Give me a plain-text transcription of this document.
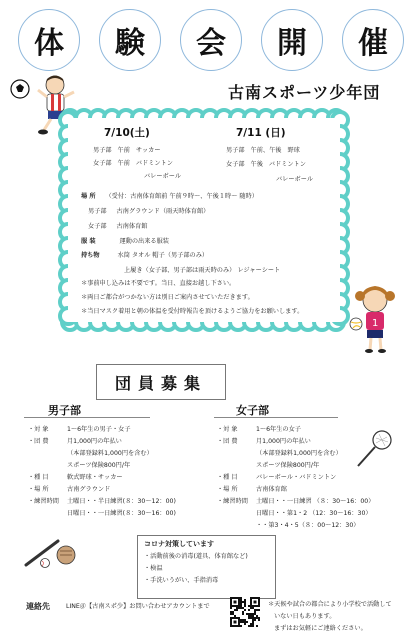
体	験	会	開	催
古南スポーツ少年団
7/10(土)	7/11 (日)
男子部 午前 サッカー
女子部 午前 バドミントン
バレーボール
男子部 午前、午後 野球
女子部 午後 バドミントン
バレーボール
場 所 （受付：古南体育館前 午前９時～、午後１時～ 随時）
男子部 古南グラウンド（雨天時体育館）
女子部 古南体育館
服 装	運動の出来る服装
持ち物	水筒 タオル 帽子（男子部のみ）
上履き（女子部、男子部は雨天時のみ） レジャーシート
＊事前申し込みは不要です。当日、直接お越し下さい。
＊両日ご都合がつかない方は別日ご案内させていただきます。
＊当日マスク着用と朝の体温を受付時報告を頂けるようご協力をお願いします。
1
団員募集
男子部
・対 象	1～6年生の男子・女子
・団 費	月1,000円の年払い
（本部登録料1,000円を含む）
スポーツ保険800円/年
・種 目	軟式野球・サッカー
・場 所	古南グラウンド
・練習時間 土曜日・・半日練習(８：30～12：00)
日曜日・・一日練習(８：30～16：00)
女子部
・対 象	1～6年生の女子
・団 費	月1,000円の年払い
（本部登録料1,000円を含む）
スポーツ保険800円/年
・種 目	バレーボール・バドミントン
・場 所	古南体育館
・練習時間 土曜日・・一日練習 （８：30～16：00）
日曜日・・第1・2 （12：30～16：30）
・・第3・4・5（８：00～12：30）
コロナ対策しています
・活動前後の消毒(道具、体育館など)
・検温
・手洗いうがい、手指消毒
連絡先	LINE＠【古南スポ少】お問い合わせアカウントまで	＊天候や試合の都合により小学校で活動して
いない日もあります。
まずはお気軽にご連絡ください。
